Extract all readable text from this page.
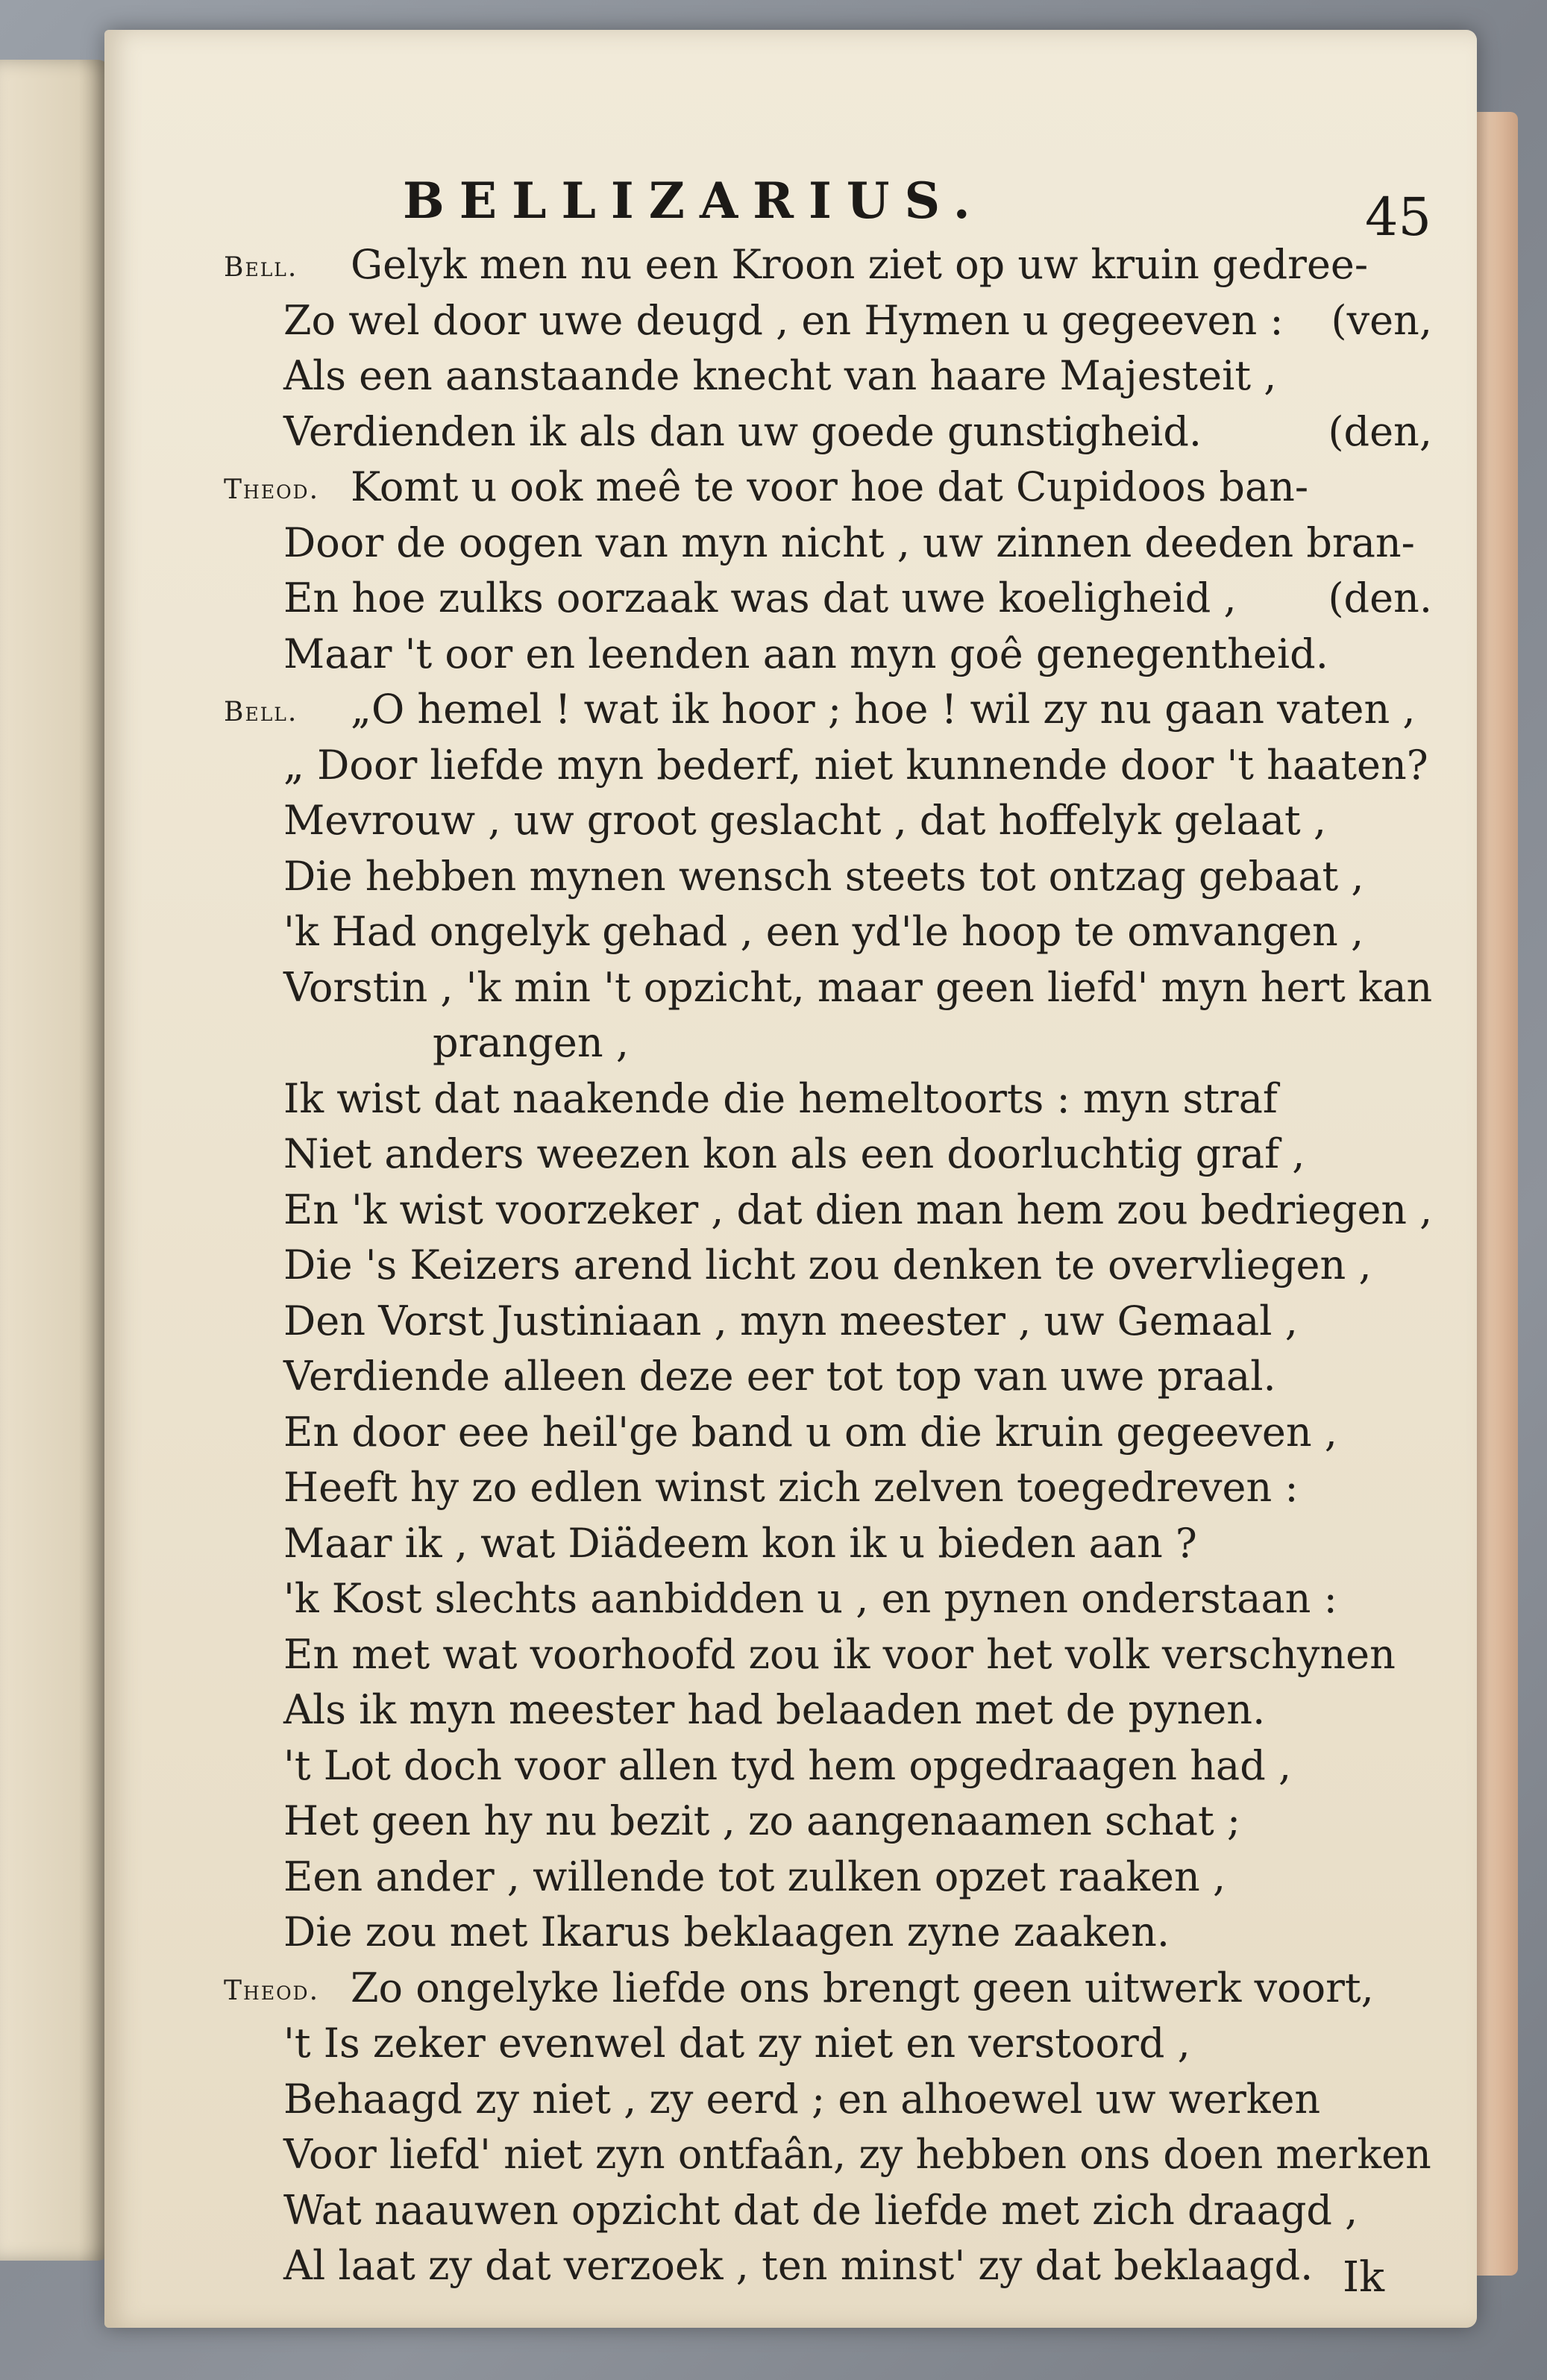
BELLIZARIUS.	45
Bell. Gelyk men nu een Kroon ziet op uw kruin gedree-
Zo wel door uwe deugd , en Hymen u gegeeven : (ven,
Als een aanstaande knecht van haare Majesteit ,
Verdienden ik als dan uw goede gunstigheid.	(den,
Theod. Komt u ook meê te voor hoe dat Cupidoos ban-
Door de oogen van myn nicht , uw zinnen deeden bran-
En hoe zulks oorzaak was dat uwe koeligheid , (den.
Maar 't oor en leenden aan myn goê genegentheid.
Bell. „O hemel ! wat ik hoor ; hoe ! wil zy nu gaan vaten ,
„ Door liefde myn bederf, niet kunnende door 't haaten?
Mevrouw , uw groot geslacht , dat hoffelyk gelaat ,
Die hebben mynen wensch steets tot ontzag gebaat ,
'k Had ongelyk gehad , een yd'le hoop te omvangen ,
Vorstin , 'k min 't opzicht, maar geen liefd' myn hert kan
prangen ,
Ik wist dat naakende die hemeltoorts : myn straf
Niet anders weezen kon als een doorluchtig graf ,
En 'k wist voorzeker , dat dien man hem zou bedriegen ,
Die 's Keizers arend licht zou denken te overvliegen ,
Den Vorst Justiniaan , myn meester , uw Gemaal ,
Verdiende alleen deze eer tot top van uwe praal.
En door eee heil'ge band u om die kruin gegeeven ,
Heeft hy zo edlen winst zich zelven toegedreven :
Maar ik , wat Diädeem kon ik u bieden aan ?
'k Kost slechts aanbidden u , en pynen onderstaan :
En met wat voorhoofd zou ik voor het volk verschynen
Als ik myn meester had belaaden met de pynen.
't Lot doch voor allen tyd hem opgedraagen had ,
Het geen hy nu bezit , zo aangenaamen schat ;
Een ander , willende tot zulken opzet raaken ,
Die zou met Ikarus beklaagen zyne zaaken.
Theod. Zo ongelyke liefde ons brengt geen uitwerk voort,
't Is zeker evenwel dat zy niet en verstoord ,
Behaagd zy niet , zy eerd ; en alhoewel uw werken
Voor liefd' niet zyn ontfaân, zy hebben ons doen merken
Wat naauwen opzicht dat de liefde met zich draagd ,
Al laat zy dat verzoek , ten minst' zy dat beklaagd. Ik
